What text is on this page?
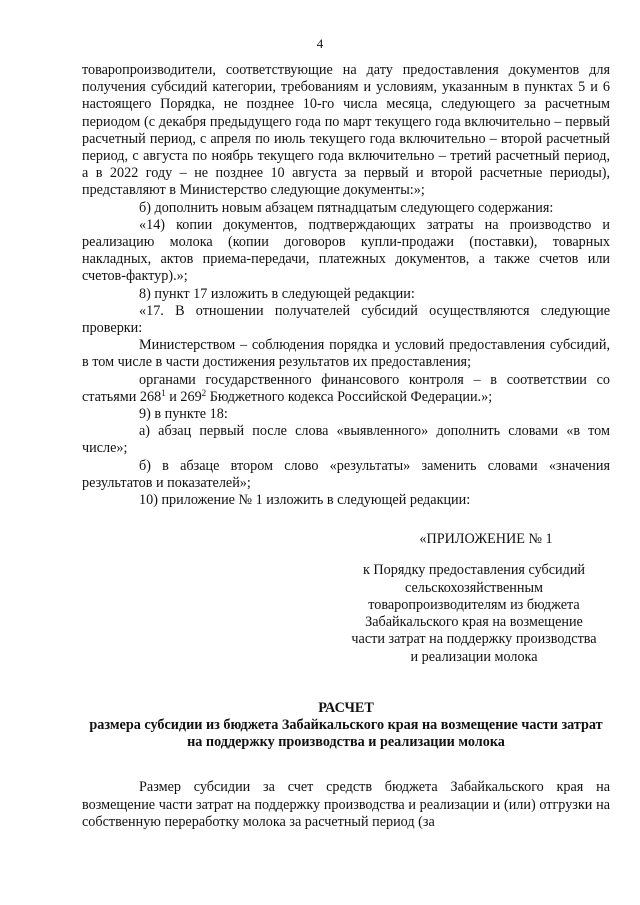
4

товаропроизводители, соответствующие на дату предоставления документов для получения субсидий категории, требованиям и условиям, указанным в пунктах 5 и 6 настоящего Порядка, не позднее 10-го числа месяца, следующего за расчетным периодом (с декабря предыдущего года по март текущего года включительно – первый расчетный период, с апреля по июль текущего года включительно – второй расчетный период, с августа по ноябрь текущего года включительно – третий расчетный период, а в 2022 году – не позднее 10 августа за первый и второй расчетные периоды), представляют в Министерство следующие документы:»;

б) дополнить новым абзацем пятнадцатым следующего содержания:

«14) копии документов, подтверждающих затраты на производство и реализацию молока (копии договоров купли-продажи (поставки), товарных накладных, актов приема-передачи, платежных документов, а также счетов или счетов-фактур).»;

8) пункт 17 изложить в следующей редакции:

«17. В отношении получателей субсидий осуществляются следующие проверки:

Министерством – соблюдения порядка и условий предоставления субсидий, в том числе в части достижения результатов их предоставления;

органами государственного финансового контроля – в соответствии со статьями $268^1$ и $269^2$ Бюджетного кодекса Российской Федерации.»;

9) в пункте 18:

а) абзац первый после слова «выявленного» дополнить словами «в том числе»;

б) в абзаце втором слово «результаты» заменить словами «значения результатов и показателей»;

10) приложение № 1 изложить в следующей редакции:

«ПРИЛОЖЕНИЕ № 1
к Порядку предоставления субсидий
сельскохозяйственным
товаропроизводителям из бюджета
Забайкальского края на возмещение
части затрат на поддержку производства
и реализации молока
РАСЧЕТ
размера субсидии из бюджета Забайкальского края на возмещение части затрат на поддержку производства и реализации молока

Размер субсидии за счет средств бюджета Забайкальского края на возмещение части затрат на поддержку производства и реализации и (или) отгрузки на собственную переработку молока за расчетный период (за
